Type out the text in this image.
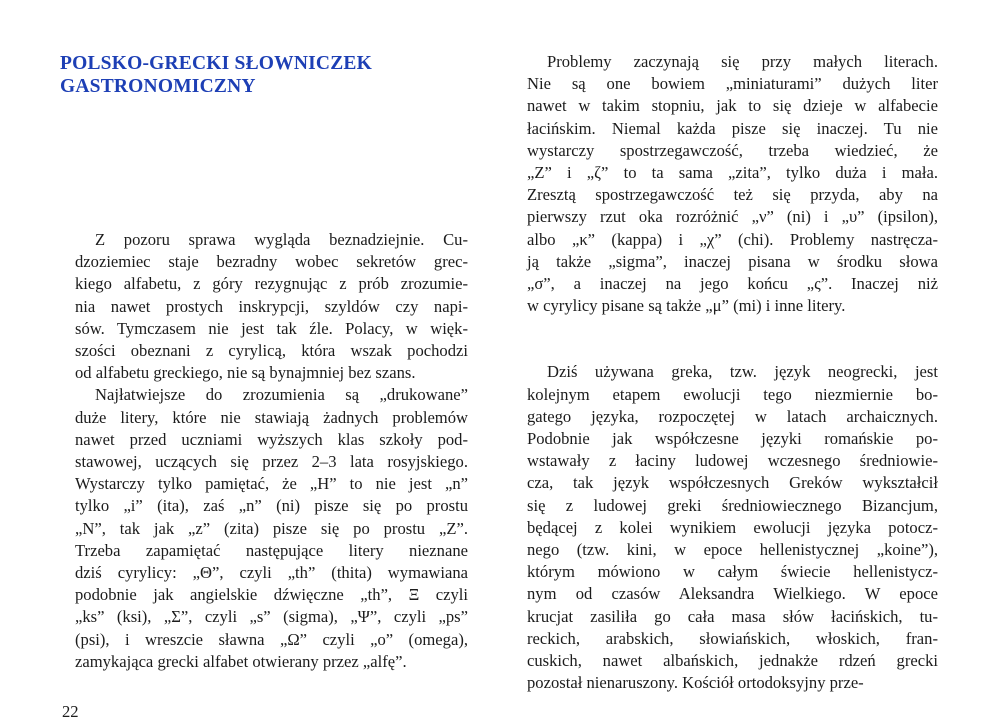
POLSKO-GRECKI SŁOWNICZEK
GASTRONOMICZNY
Z pozoru sprawa wygląda beznadziejnie. Cu-
dzoziemiec staje bezradny wobec sekretów grec-
kiego alfabetu, z góry rezygnując z prób zrozumie-
nia nawet prostych inskrypcji, szyldów czy napi-
sów. Tymczasem nie jest tak źle. Polacy, w więk-
szości obeznani z cyrylicą, która wszak pochodzi
od alfabetu greckiego, nie są bynajmniej bez szans.
Najłatwiejsze do zrozumienia są „drukowane”
duże litery, które nie stawiają żadnych problemów
nawet przed uczniami wyższych klas szkoły pod-
stawowej, uczących się przez 2–3 lata rosyjskiego.
Wystarczy tylko pamiętać, że „H” to nie jest „n”
tylko „i” (ita), zaś „n” (ni) pisze się po prostu
„N”, tak jak „z” (zita) pisze się po prostu „Z”.
Trzeba zapamiętać następujące litery nieznane
dziś cyrylicy: „Θ”, czyli „th” (thita) wymawiana
podobnie jak angielskie dźwięczne „th”, Ξ czyli
„ks” (ksi), „Σ”, czyli „s” (sigma), „Ψ”, czyli „ps”
(psi), i wreszcie sławna „Ω” czyli „o” (omega),
zamykająca grecki alfabet otwierany przez „alfę”.
Problemy zaczynają się przy małych literach.
Nie są one bowiem „miniaturami” dużych liter
nawet w takim stopniu, jak to się dzieje w alfabecie
łacińskim. Niemal każda pisze się inaczej. Tu nie
wystarczy spostrzegawczość, trzeba wiedzieć, że
„Z” i „ζ” to ta sama „zita”, tylko duża i mała.
Zresztą spostrzegawczość też się przyda, aby na
pierwszy rzut oka rozróżnić „ν” (ni) i „υ” (ipsilon),
albo „κ” (kappa) i „χ” (chi). Problemy nastręcza-
ją także „sigma”, inaczej pisana w środku słowa
„σ”, a inaczej na jego końcu „ς”. Inaczej niż
w cyrylicy pisane są także „μ” (mi) i inne litery.
Dziś używana greka, tzw. język neogrecki, jest
kolejnym etapem ewolucji tego niezmiernie bo-
gatego języka, rozpoczętej w latach archaicznych.
Podobnie jak współczesne języki romańskie po-
wstawały z łaciny ludowej wczesnego średniowie-
cza, tak język współczesnych Greków wykształcił
się z ludowej greki średniowiecznego Bizancjum,
będącej z kolei wynikiem ewolucji języka potocz-
nego (tzw. kini, w epoce hellenistycznej „koine”),
którym mówiono w całym świecie hellenistycz-
nym od czasów Aleksandra Wielkiego. W epoce
krucjat zasiliła go cała masa słów łacińskich, tu-
reckich, arabskich, słowiańskich, włoskich, fran-
cuskich, nawet albańskich, jednakże rdzeń grecki
pozostał nienaruszony. Kościół ortodoksyjny prze-
22
